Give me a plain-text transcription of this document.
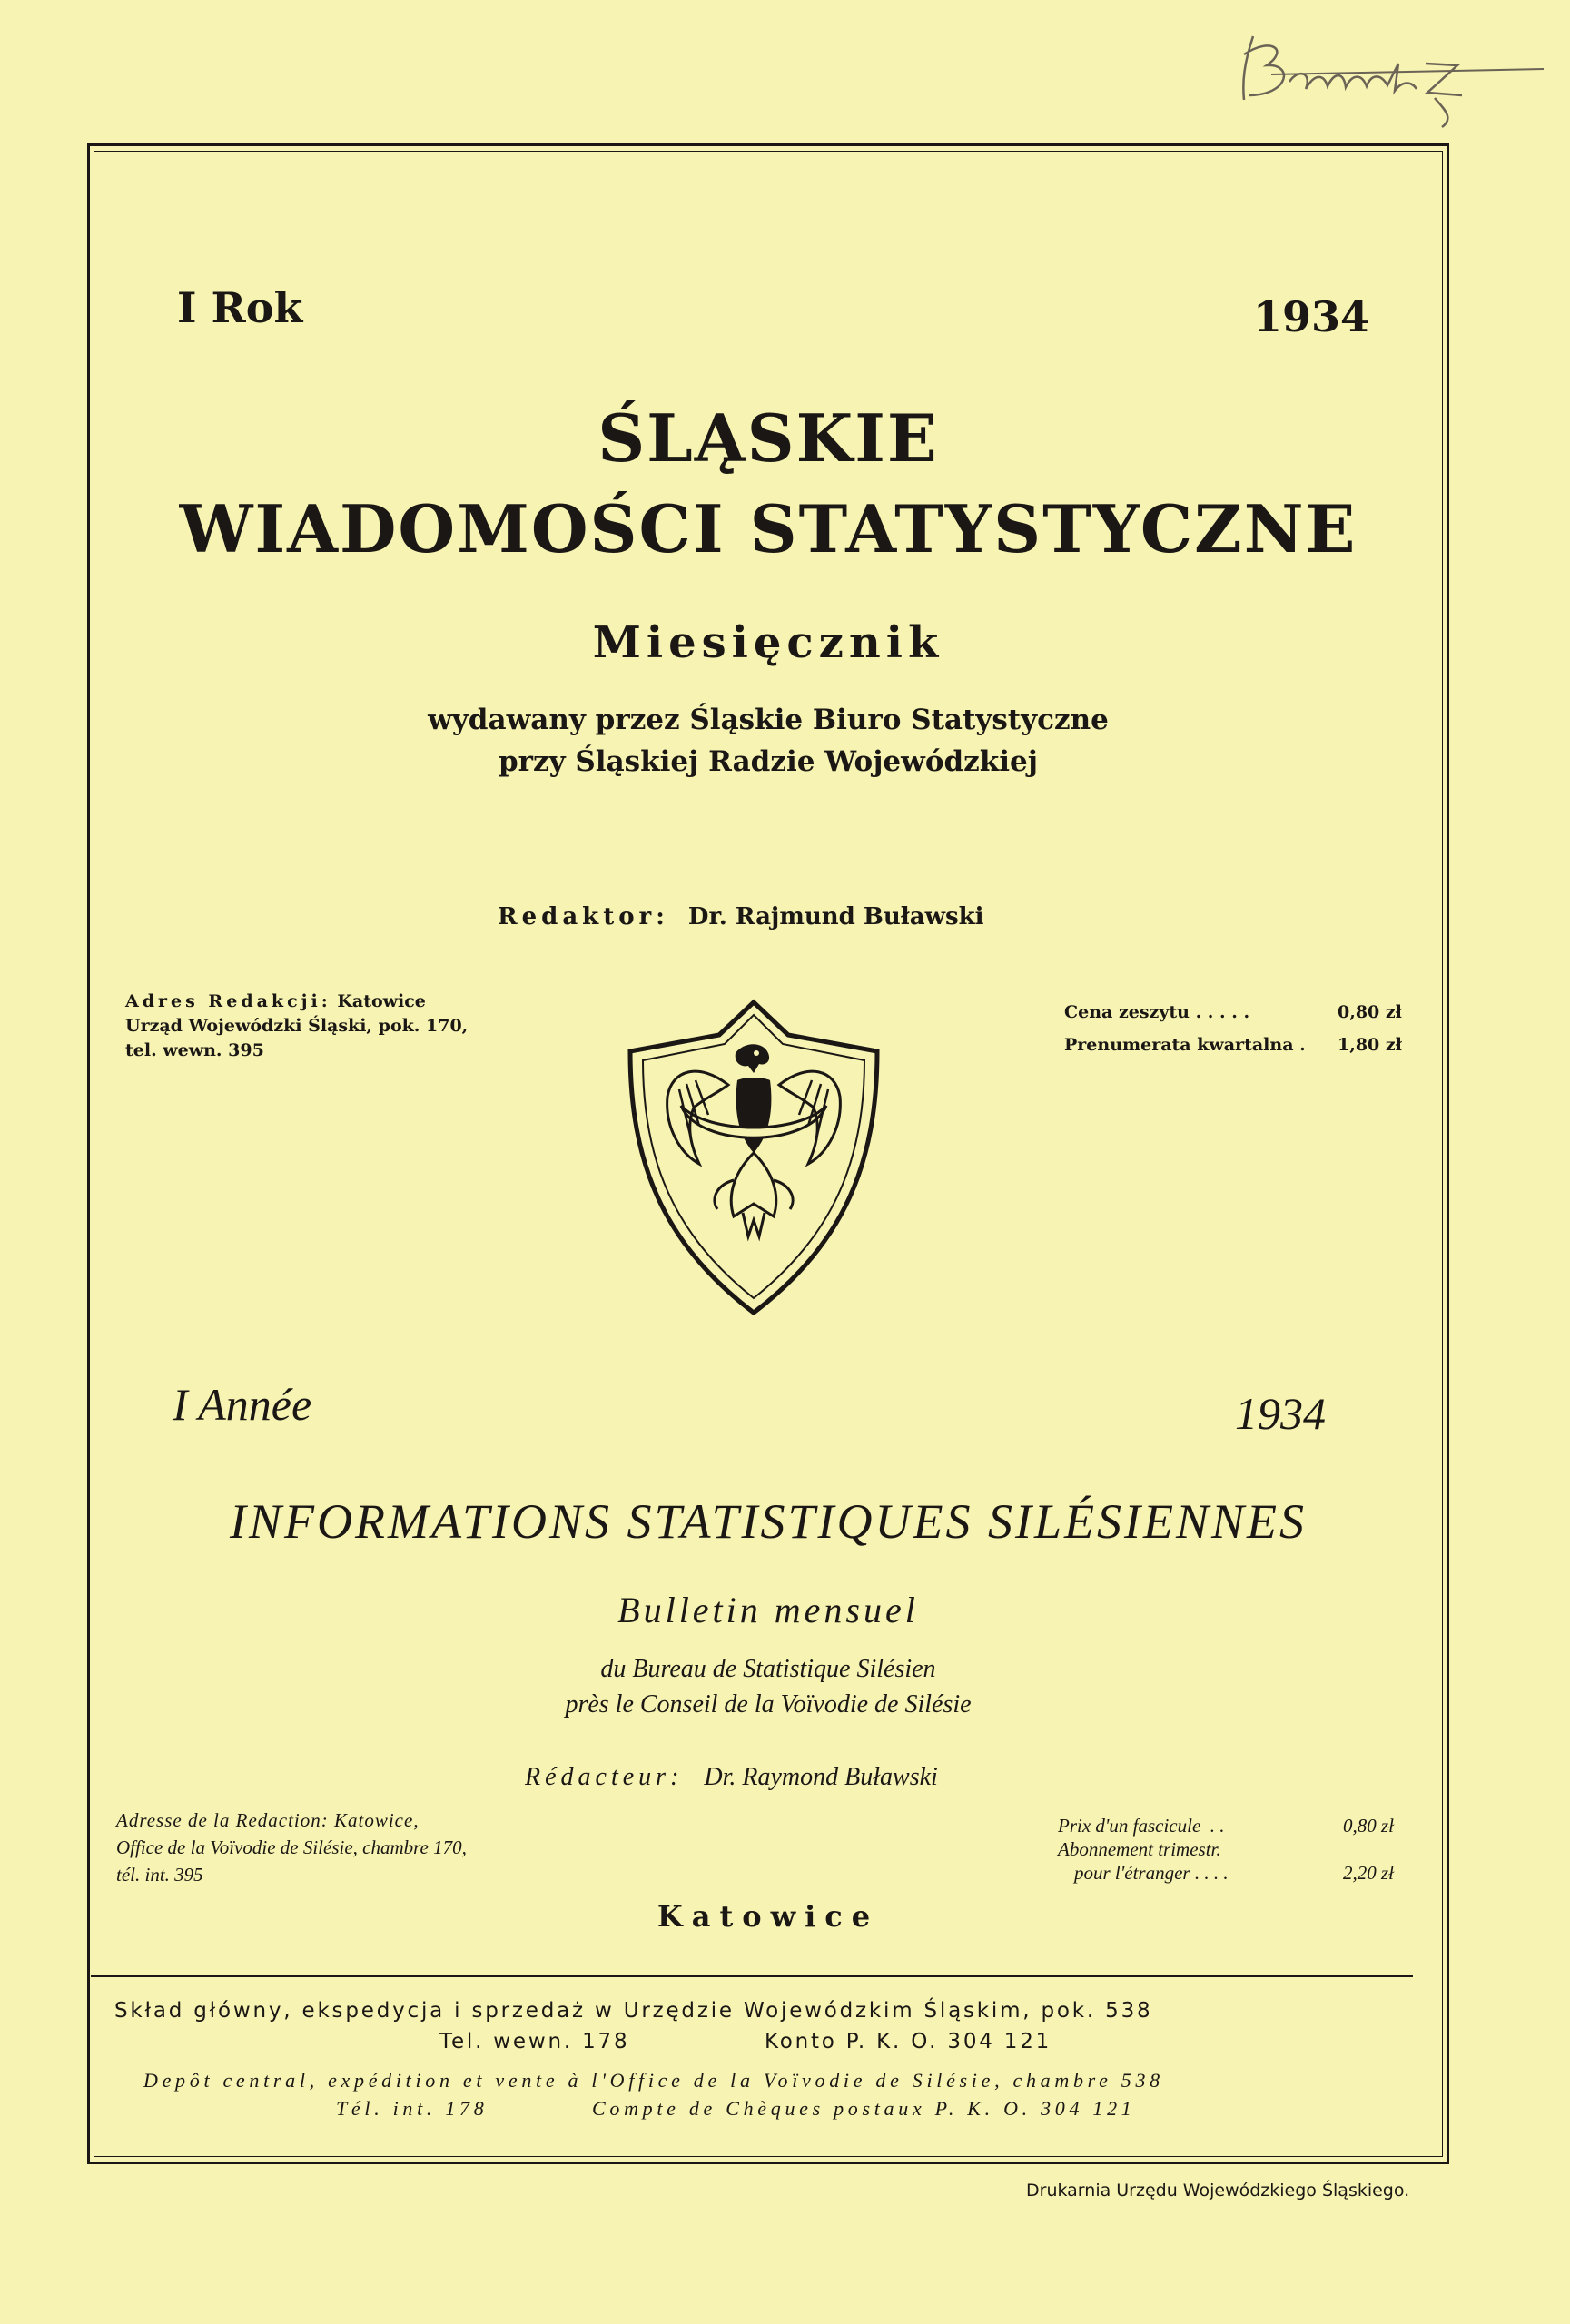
I Rok	1934
ŚLĄSKIE
WIADOMOŚCI STATYSTYCZNE
Miesięcznik
wydawany przez Śląskie Biuro Statystyczne
przy Śląskiej Radzie Wojewódzkiej
Redaktor: Dr. Rajmund Buławski
Adres Redakcji: Katowice
Urząd Wojewódzki Śląski, pok. 170,
tel. wewn. 395
Cena zeszytu . . . . .	0,80 zł
Prenumerata kwartalna . 1,80 zł
I Année	1934
INFORMATIONS STATISTIQUES SILÉSIENNES
Bulletin mensuel
du Bureau de Statistique Silésien
près le Conseil de la Voïvodie de Silésie
Rédacteur: Dr. Raymond Buławski
Adresse de la Redaction: Katowice,
Office de la Voïvodie de Silésie, chambre 170,
tél. int. 395
Prix d'un fascicule  . .	0,80 zł
Abonnement trimestr.
pour l'étranger . . . .	2,20 zł
Katowice
Skład główny, ekspedycja i sprzedaż w Urzędzie Wojewódzkim Śląskim, pok. 538
Tel. wewn. 178	Konto P. K. O. 304 121
Depôt central, expédition et vente à l'Office de la Voïvodie de Silésie, chambre 538
Tél. int. 178	Compte de Chèques postaux P. K. O. 304 121
Drukarnia Urzędu Wojewódzkiego Śląskiego.
